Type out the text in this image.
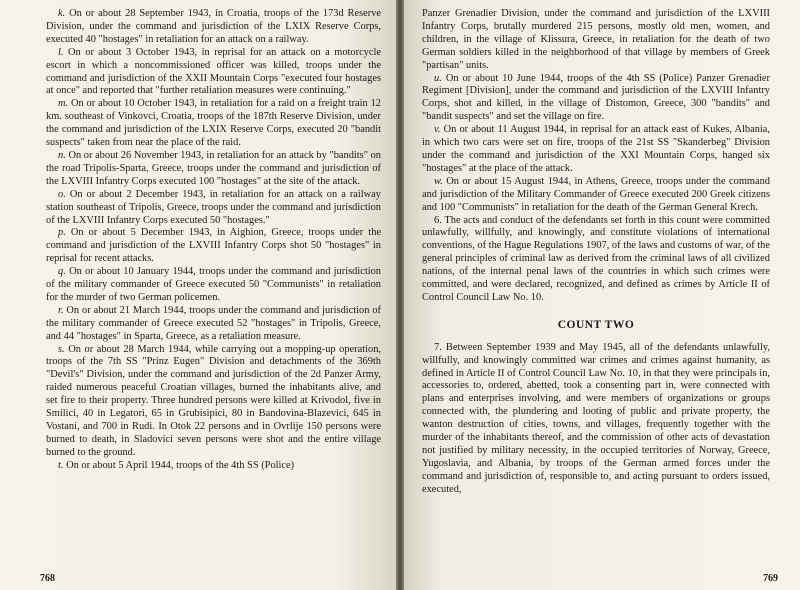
k. On or about 28 September 1943, in Croatia, troops of the 173d Reserve Division, under the command and jurisdiction of the LXIX Reserve Corps, executed 40 "hostages" in retaliation for an attack on a railway.

l. On or about 3 October 1943, in reprisal for an attack on a motorcycle escort in which a noncommissioned officer was killed, troops under the command and jurisdiction of the XXII Mountain Corps "executed four hostages at once" and reported that "further retaliation measures were continuing."

m. On or about 10 October 1943, in retaliation for a raid on a freight train 12 km. southeast of Vinkovci, Croatia, troops of the 187th Reserve Division, under the command and jurisdiction of the LXIX Reserve Corps, executed 20 "bandit suspects" taken from near the place of the raid.

n. On or about 26 November 1943, in retaliation for an attack by "bandits" on the road Tripolis-Sparta, Greece, troops under the command and jurisdiction of the LXVIII Infantry Corps executed 100 "hostages" at the site of the attack.

o. On or about 2 December 1943, in retaliation for an attack on a railway station southeast of Tripolis, Greece, troops under the command and jurisdiction of the LXVIII Infantry Corps executed 50 "hostages."

p. On or about 5 December 1943, in Aighion, Greece, troops under the command and jurisdiction of the LXVIII Infantry Corps shot 50 "hostages" in reprisal for recent attacks.

q. On or about 10 January 1944, troops under the command and jurisdiction of the military commander of Greece executed 50 "Communists" in retaliation for the murder of two German policemen.

r. On or about 21 March 1944, troops under the command and jurisdiction of the military commander of Greece executed 52 "hostages" in Tripolis, Greece, and 44 "hostages" in Sparta, Greece, as a retaliation measure.

s. On or about 28 March 1944, while carrying out a mopping-up operation, troops of the 7th SS "Prinz Eugen" Division and detachments of the 369th "Devil's" Division, under the command and jurisdiction of the 2d Panzer Army, raided numerous peaceful Croatian villages, burned the inhabitants alive, and set fire to their property. Three hundred persons were killed at Krivodol, five in Smilici, 40 in Legatori, 65 in Grubisipici, 80 in Bandovina-Blazevici, 645 in Vostani, and 700 in Rudi. In Otok 22 persons and in Ovrlije 150 persons were burned to death, in Sladovici seven persons were shot and the entire village burned to the ground.

t. On or about 5 April 1944, troops of the 4th SS (Police)

768

Panzer Grenadier Division, under the command and jurisdiction of the LXVIII Infantry Corps, brutally murdered 215 persons, mostly old men, women, and children, in the village of Klissura, Greece, in retaliation for the death of two German soldiers killed in the neighborhood of that village by members of Greek "partisan" units.

u. On or about 10 June 1944, troops of the 4th SS (Police) Panzer Grenadier Regiment [Division], under the command and jurisdiction of the LXVIII Infantry Corps, shot and killed, in the village of Distomon, Greece, 300 "bandits" and "bandit suspects" and set the village on fire.

v. On or about 11 August 1944, in reprisal for an attack east of Kukes, Albania, in which two cars were set on fire, troops of the 21st SS "Skanderbeg" Division under the command and jurisdiction of the XXI Mountain Corps, hanged six "hostages" at the place of the attack.

w. On or about 15 August 1944, in Athens, Greece, troops under the command and jurisdiction of the Military Commander of Greece executed 200 Greek citizens and 100 "Communists" in retaliation for the death of the German General Krech.

6. The acts and conduct of the defendants set forth in this count were committed unlawfully, willfully, and knowingly, and constitute violations of international conventions, of the Hague Regulations 1907, of the laws and customs of war, of the general principles of criminal law as derived from the criminal laws of all civilized nations, of the internal penal laws of the countries in which such crimes were committed, and were declared, recognized, and defined as crimes by Article II of Control Council Law No. 10.

COUNT TWO

7. Between September 1939 and May 1945, all of the defendants unlawfully, willfully, and knowingly committed war crimes and crimes against humanity, as defined in Article II of Control Council Law No. 10, in that they were principals in, accessories to, ordered, abetted, took a consenting part in, were connected with plans and enterprises involving, and were members of organizations or groups connected with, the plundering and looting of public and private property, the wanton destruction of cities, towns, and villages, frequently together with the murder of the inhabitants thereof, and the commission of other acts of devastation not justified by military necessity, in the occupied territories of Norway, Greece, Yugoslavia, and Albania, by troops of the German armed forces under the command and jurisdiction of, responsible to, and acting pursuant to orders issued, executed,

769
